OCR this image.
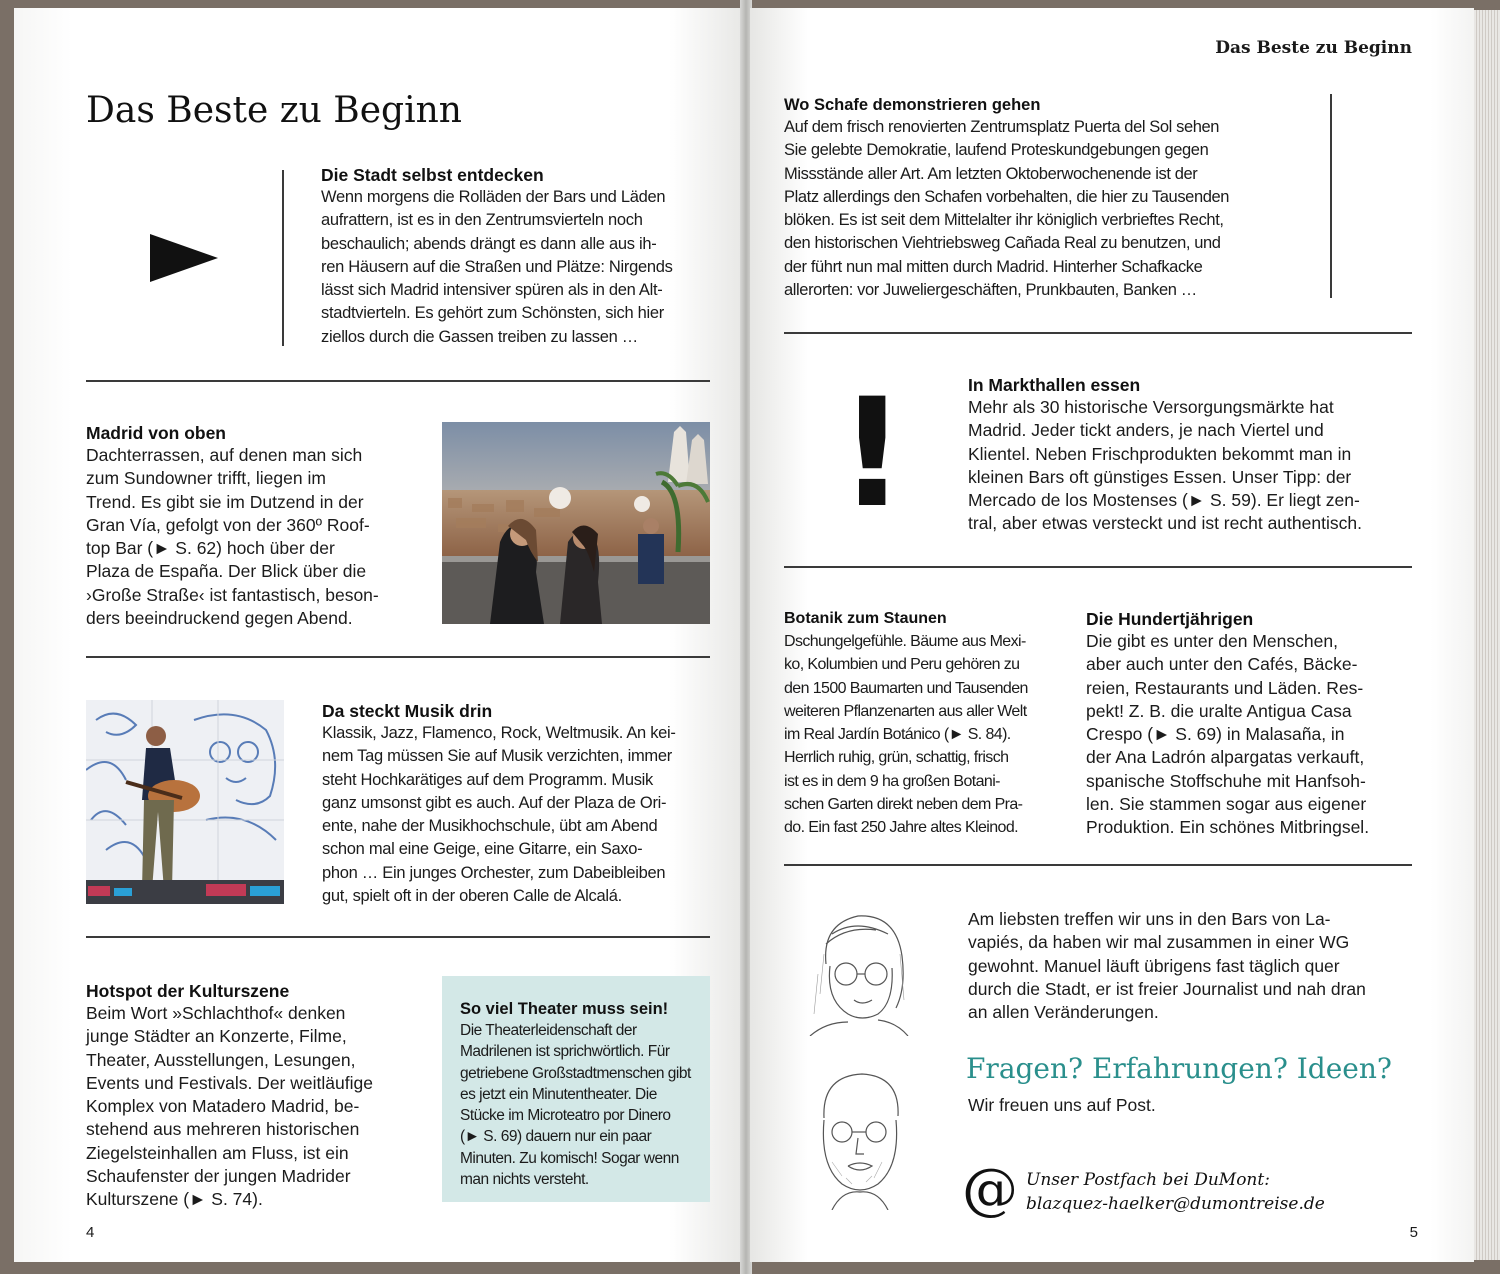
Das Beste zu Beginn
Die Stadt selbst entdecken
Wenn morgens die Rolläden der Bars und Läden
aufrattern, ist es in den Zentrumsvierteln noch
beschaulich; abends drängt es dann alle aus ih-
ren Häusern auf die Straßen und Plätze: Nirgends
lässt sich Madrid intensiver spüren als in den Alt-
stadtvierteln. Es gehört zum Schönsten, sich hier
ziellos durch die Gassen treiben zu lassen …
Madrid von oben
Dachterrassen, auf denen man sich
zum Sundowner trifft, liegen im
Trend. Es gibt sie im Dutzend in der
Gran Vía, gefolgt von der 360º Roof-
top Bar (► S. 62) hoch über der
Plaza de España. Der Blick über die
›Große Straße‹ ist fantastisch, beson-
ders beeindruckend gegen Abend.
Da steckt Musik drin
Klassik, Jazz, Flamenco, Rock, Weltmusik. An kei-
nem Tag müssen Sie auf Musik verzichten, immer
steht Hochkarätiges auf dem Programm. Musik
ganz umsonst gibt es auch. Auf der Plaza de Ori-
ente, nahe der Musikhochschule, übt am Abend
schon mal eine Geige, eine Gitarre, ein Saxo-
phon … Ein junges Orchester, zum Dabeibleiben
gut, spielt oft in der oberen Calle de Alcalá.
Hotspot der Kulturszene
Beim Wort »Schlachthof« denken
junge Städter an Konzerte, Filme,
Theater, Ausstellungen, Lesungen,
Events und Festivals. Der weitläufige
Komplex von Matadero Madrid, be-
stehend aus mehreren historischen
Ziegelsteinhallen am Fluss, ist ein
Schaufenster der jungen Madrider
Kulturszene (► S. 74).
So viel Theater muss sein!
Die Theaterleidenschaft der
Madrilenen ist sprichwörtlich. Für
getriebene Großstadtmenschen gibt
es jetzt ein Minutentheater. Die
Stücke im Microteatro por Dinero
(► S. 69) dauern nur ein paar
Minuten. Zu komisch! Sogar wenn
man nichts versteht.
4
Das Beste zu Beginn
Wo Schafe demonstrieren gehen
Auf dem frisch renovierten Zentrumsplatz Puerta del Sol sehen
Sie gelebte Demokratie, laufend Proteskundgebungen gegen
Missstände aller Art. Am letzten Oktoberwochenende ist der
Platz allerdings den Schafen vorbehalten, die hier zu Tausenden
blöken. Es ist seit dem Mittelalter ihr königlich verbrieftes Recht,
den historischen Viehtriebsweg Cañada Real zu benutzen, und
der führt nun mal mitten durch Madrid. Hinterher Schafkacke
allerorten: vor Juweliergeschäften, Prunkbauten, Banken …
!	In Markthallen essen
Mehr als 30 historische Versorgungsmärkte hat
Madrid. Jeder tickt anders, je nach Viertel und
Klientel. Neben Frischprodukten bekommt man in
kleinen Bars oft günstiges Essen. Unser Tipp: der
Mercado de los Mostenses (► S. 59). Er liegt zen-
tral, aber etwas versteckt und ist recht authentisch.
Botanik zum Staunen
Dschungelgefühle. Bäume aus Mexi-
ko, Kolumbien und Peru gehören zu
den 1500 Baumarten und Tausenden
weiteren Pflanzenarten aus aller Welt
im Real Jardín Botánico (► S. 84).
Herrlich ruhig, grün, schattig, frisch
ist es in dem 9 ha großen Botani-
schen Garten direkt neben dem Pra-
do. Ein fast 250 Jahre altes Kleinod.
Die Hundertjährigen
Die gibt es unter den Menschen,
aber auch unter den Cafés, Bäcke-
reien, Restaurants und Läden. Res-
pekt! Z. B. die uralte Antigua Casa
Crespo (► S. 69) in Malasaña, in
der Ana Ladrón alpargatas verkauft,
spanische Stoffschuhe mit Hanfsoh-
len. Sie stammen sogar aus eigener
Produktion. Ein schönes Mitbringsel.
Am liebsten treffen wir uns in den Bars von La-
vapiés, da haben wir mal zusammen in einer WG
gewohnt. Manuel läuft übrigens fast täglich quer
durch die Stadt, er ist freier Journalist und nah dran
an allen Veränderungen.
Fragen? Erfahrungen? Ideen?
Wir freuen uns auf Post.
@ Unser Postfach bei DuMont:
blazquez-haelker@dumontreise.de
5
